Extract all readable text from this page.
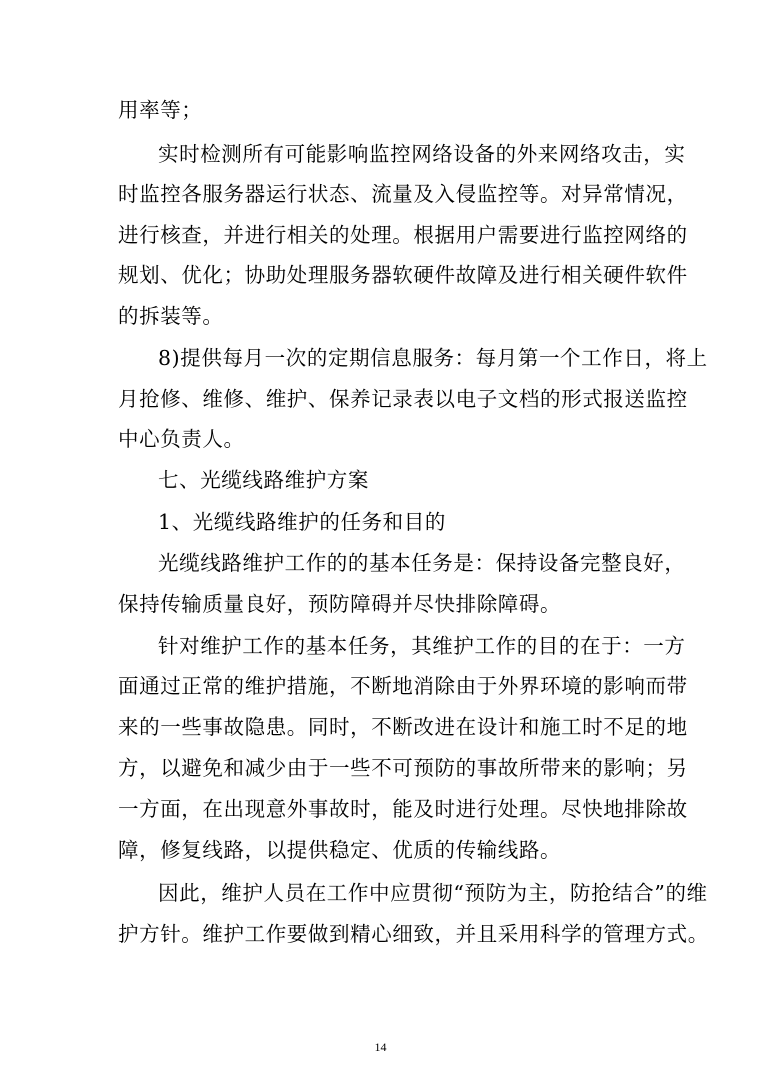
用率等；
实时检测所有可能影响监控网络设备的外来网络攻击，实
时监控各服务器运行状态、流量及入侵监控等。对异常情况，
进行核查，并进行相关的处理。根据用户需要进行监控网络的
规划、优化；协助处理服务器软硬件故障及进行相关硬件软件
的拆装等。
8)提供每月一次的定期信息服务：每月第一个工作日，将上
月抢修、维修、维护、保养记录表以电子文档的形式报送监控
中心负责人。
七、光缆线路维护方案
1、光缆线路维护的任务和目的
光缆线路维护工作的的基本任务是：保持设备完整良好，
保持传输质量良好，预防障碍并尽快排除障碍。
针对维护工作的基本任务，其维护工作的目的在于：一方
面通过正常的维护措施，不断地消除由于外界环境的影响而带
来的一些事故隐患。同时，不断改进在设计和施工时不足的地
方，以避免和减少由于一些不可预防的事故所带来的影响；另
一方面，在出现意外事故时，能及时进行处理。尽快地排除故
障，修复线路，以提供稳定、优质的传输线路。
因此，维护人员在工作中应贯彻“预防为主，防抢结合”的维
护方针。维护工作要做到精心细致，并且采用科学的管理方式。
14
